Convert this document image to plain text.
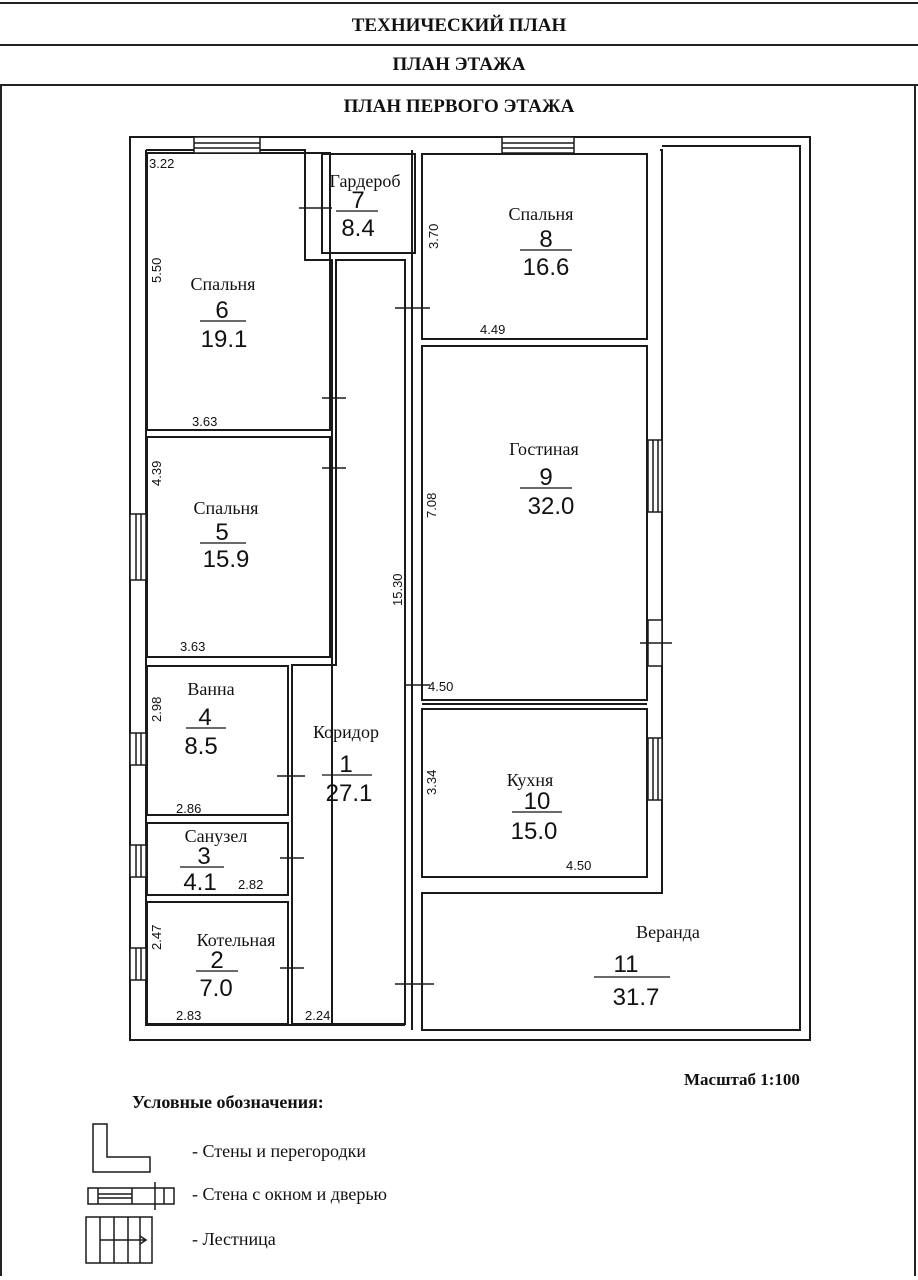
ТЕХНИЧЕСКИЙ ПЛАН
ПЛАН ЭТАЖА
ПЛАН ПЕРВОГО ЭТАЖА
Гардероб
7
8.4
Спальня
8
16.6
Спальня
6
19.1
Гостиная
9
32.0
Спальня
5
15.9
Ванна
4
8.5
Коридор
1
27.1	Кухня
10
15.0
Санузел
3
4.1
Котельная
2
7.0
Веранда
11
31.7
3.22
5.50
3.63
4.39
3.63
2.98
2.86
2.82
2.47
2.83	2.24
15.30
3.70
4.49
7.08
4.50
3.34
4.50
Масштаб 1:100
Условные обозначения:
- Стены и перегородки
- Стена с окном и дверью
- Лестница
